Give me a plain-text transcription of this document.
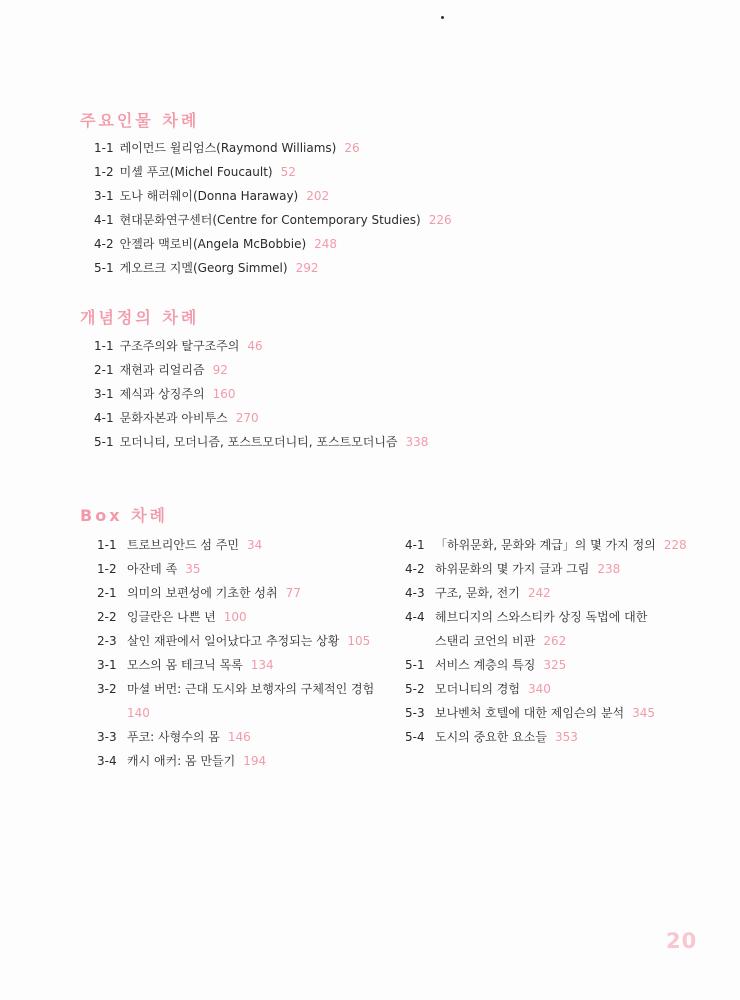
주요인물 차례
1-1 레이먼드 윌리엄스(Raymond Williams) 26
1-2 미셸 푸코(Michel Foucault) 52
3-1 도나 해러웨이(Donna Haraway) 202
4-1 현대문화연구센터(Centre for Contemporary Studies) 226
4-2 안젤라 맥로비(Angela McBobbie) 248
5-1 게오르크 지멜(Georg Simmel) 292
개념정의 차례
1-1 구조주의와 탈구조주의 46
2-1 재현과 리얼리즘 92
3-1 제식과 상징주의 160
4-1 문화자본과 아비투스 270
5-1 모더니티, 모더니즘, 포스트모더니티, 포스트모더니즘 338
Box 차례
1-1 트로브리안드 섬 주민 34
1-2 아잔데 족 35
2-1 의미의 보편성에 기초한 성취 77
2-2 잉글란은 나쁜 년 100
2-3 살인 재판에서 일어났다고 추정되는 상황 105
3-1 모스의 몸 테크닉 목록 134
3-2 마셜 버먼: 근대 도시와 보행자의 구체적인 경험
140
3-3 푸코: 사형수의 몸 146
3-4 캐시 애커: 몸 만들기 194
4-1 「하위문화, 문화와 계급」의 몇 가지 정의 228
4-2 하위문화의 몇 가지 글과 그림 238
4-3 구조, 문화, 전기 242
4-4 헤브디지의 스와스티카 상징 독법에 대한
스탠리 코언의 비판 262
5-1 서비스 계층의 특징 325
5-2 모더니티의 경험 340
5-3 보나벤처 호텔에 대한 제임슨의 분석 345
5-4 도시의 중요한 요소들 353
20
